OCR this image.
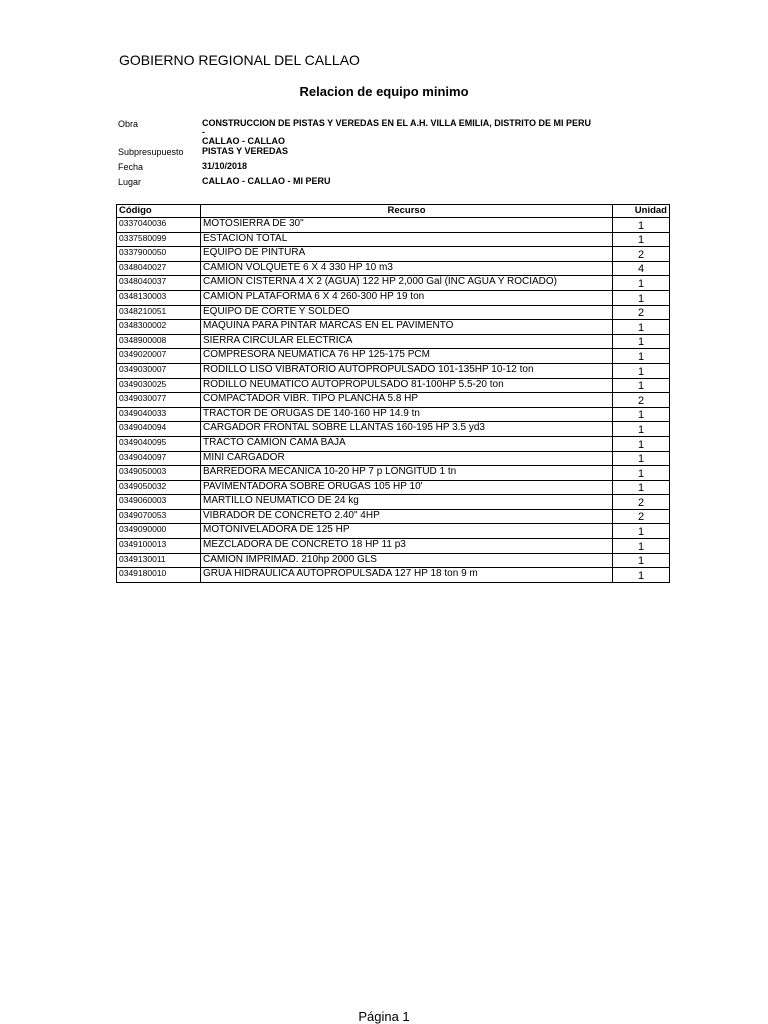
GOBIERNO REGIONAL DEL CALLAO
Relacion de equipo minimo
Obra	CONSTRUCCION DE PISTAS Y VEREDAS EN EL A.H. VILLA EMILIA, DISTRITO DE MI PERU -
CALLAO - CALLAO
Subpresupuesto PISTAS Y VEREDAS
Fecha	31/10/2018
Lugar	CALLAO - CALLAO - MI PERU
Código	Recurso	Unidad
0337040036	MOTOSIERRA DE 30"	1
0337580099	ESTACION TOTAL	1
0337900050	EQUIPO DE PINTURA	2
0348040027	CAMION VOLQUETE 6 X 4 330 HP 10 m3	4
0348040037	CAMION CISTERNA 4 X 2 (AGUA) 122 HP 2,000 Gal (INC AGUA Y ROCIADO)	1
0348130003	CAMION PLATAFORMA 6 X 4 260-300 HP 19 ton	1
0348210051	EQUIPO DE CORTE Y SOLDEO	2
0348300002	MAQUINA PARA PINTAR MARCAS EN EL PAVIMENTO	1
0348900008	SIERRA CIRCULAR ELECTRICA	1
0349020007	COMPRESORA NEUMATICA 76 HP 125-175 PCM	1
0349030007	RODILLO LISO VIBRATORIO AUTOPROPULSADO 101-135HP 10-12 ton	1
0349030025	RODILLO NEUMATICO AUTOPROPULSADO 81-100HP 5.5-20 ton	1
0349030077	COMPACTADOR VIBR. TIPO PLANCHA 5.8 HP	2
0349040033	TRACTOR DE ORUGAS DE 140-160 HP 14.9 tn	1
0349040094	CARGADOR FRONTAL SOBRE LLANTAS 160-195 HP 3.5 yd3	1
0349040095	TRACTO CAMION CAMA BAJA	1
0349040097	MINI CARGADOR	1
0349050003	BARREDORA MECANICA 10-20 HP 7 p LONGITUD 1 tn	1
0349050032	PAVIMENTADORA SOBRE ORUGAS 105 HP 10'	1
0349060003	MARTILLO NEUMATICO DE 24 kg	2
0349070053	VIBRADOR DE CONCRETO 2.40" 4HP	2
0349090000	MOTONIVELADORA DE 125 HP	1
0349100013	MEZCLADORA DE CONCRETO 18 HP 11 p3	1
0349130011	CAMION IMPRIMAD. 210hp 2000 GLS	1
0349180010	GRUA HIDRAULICA AUTOPROPULSADA 127 HP 18 ton 9 m	1
Página 1
